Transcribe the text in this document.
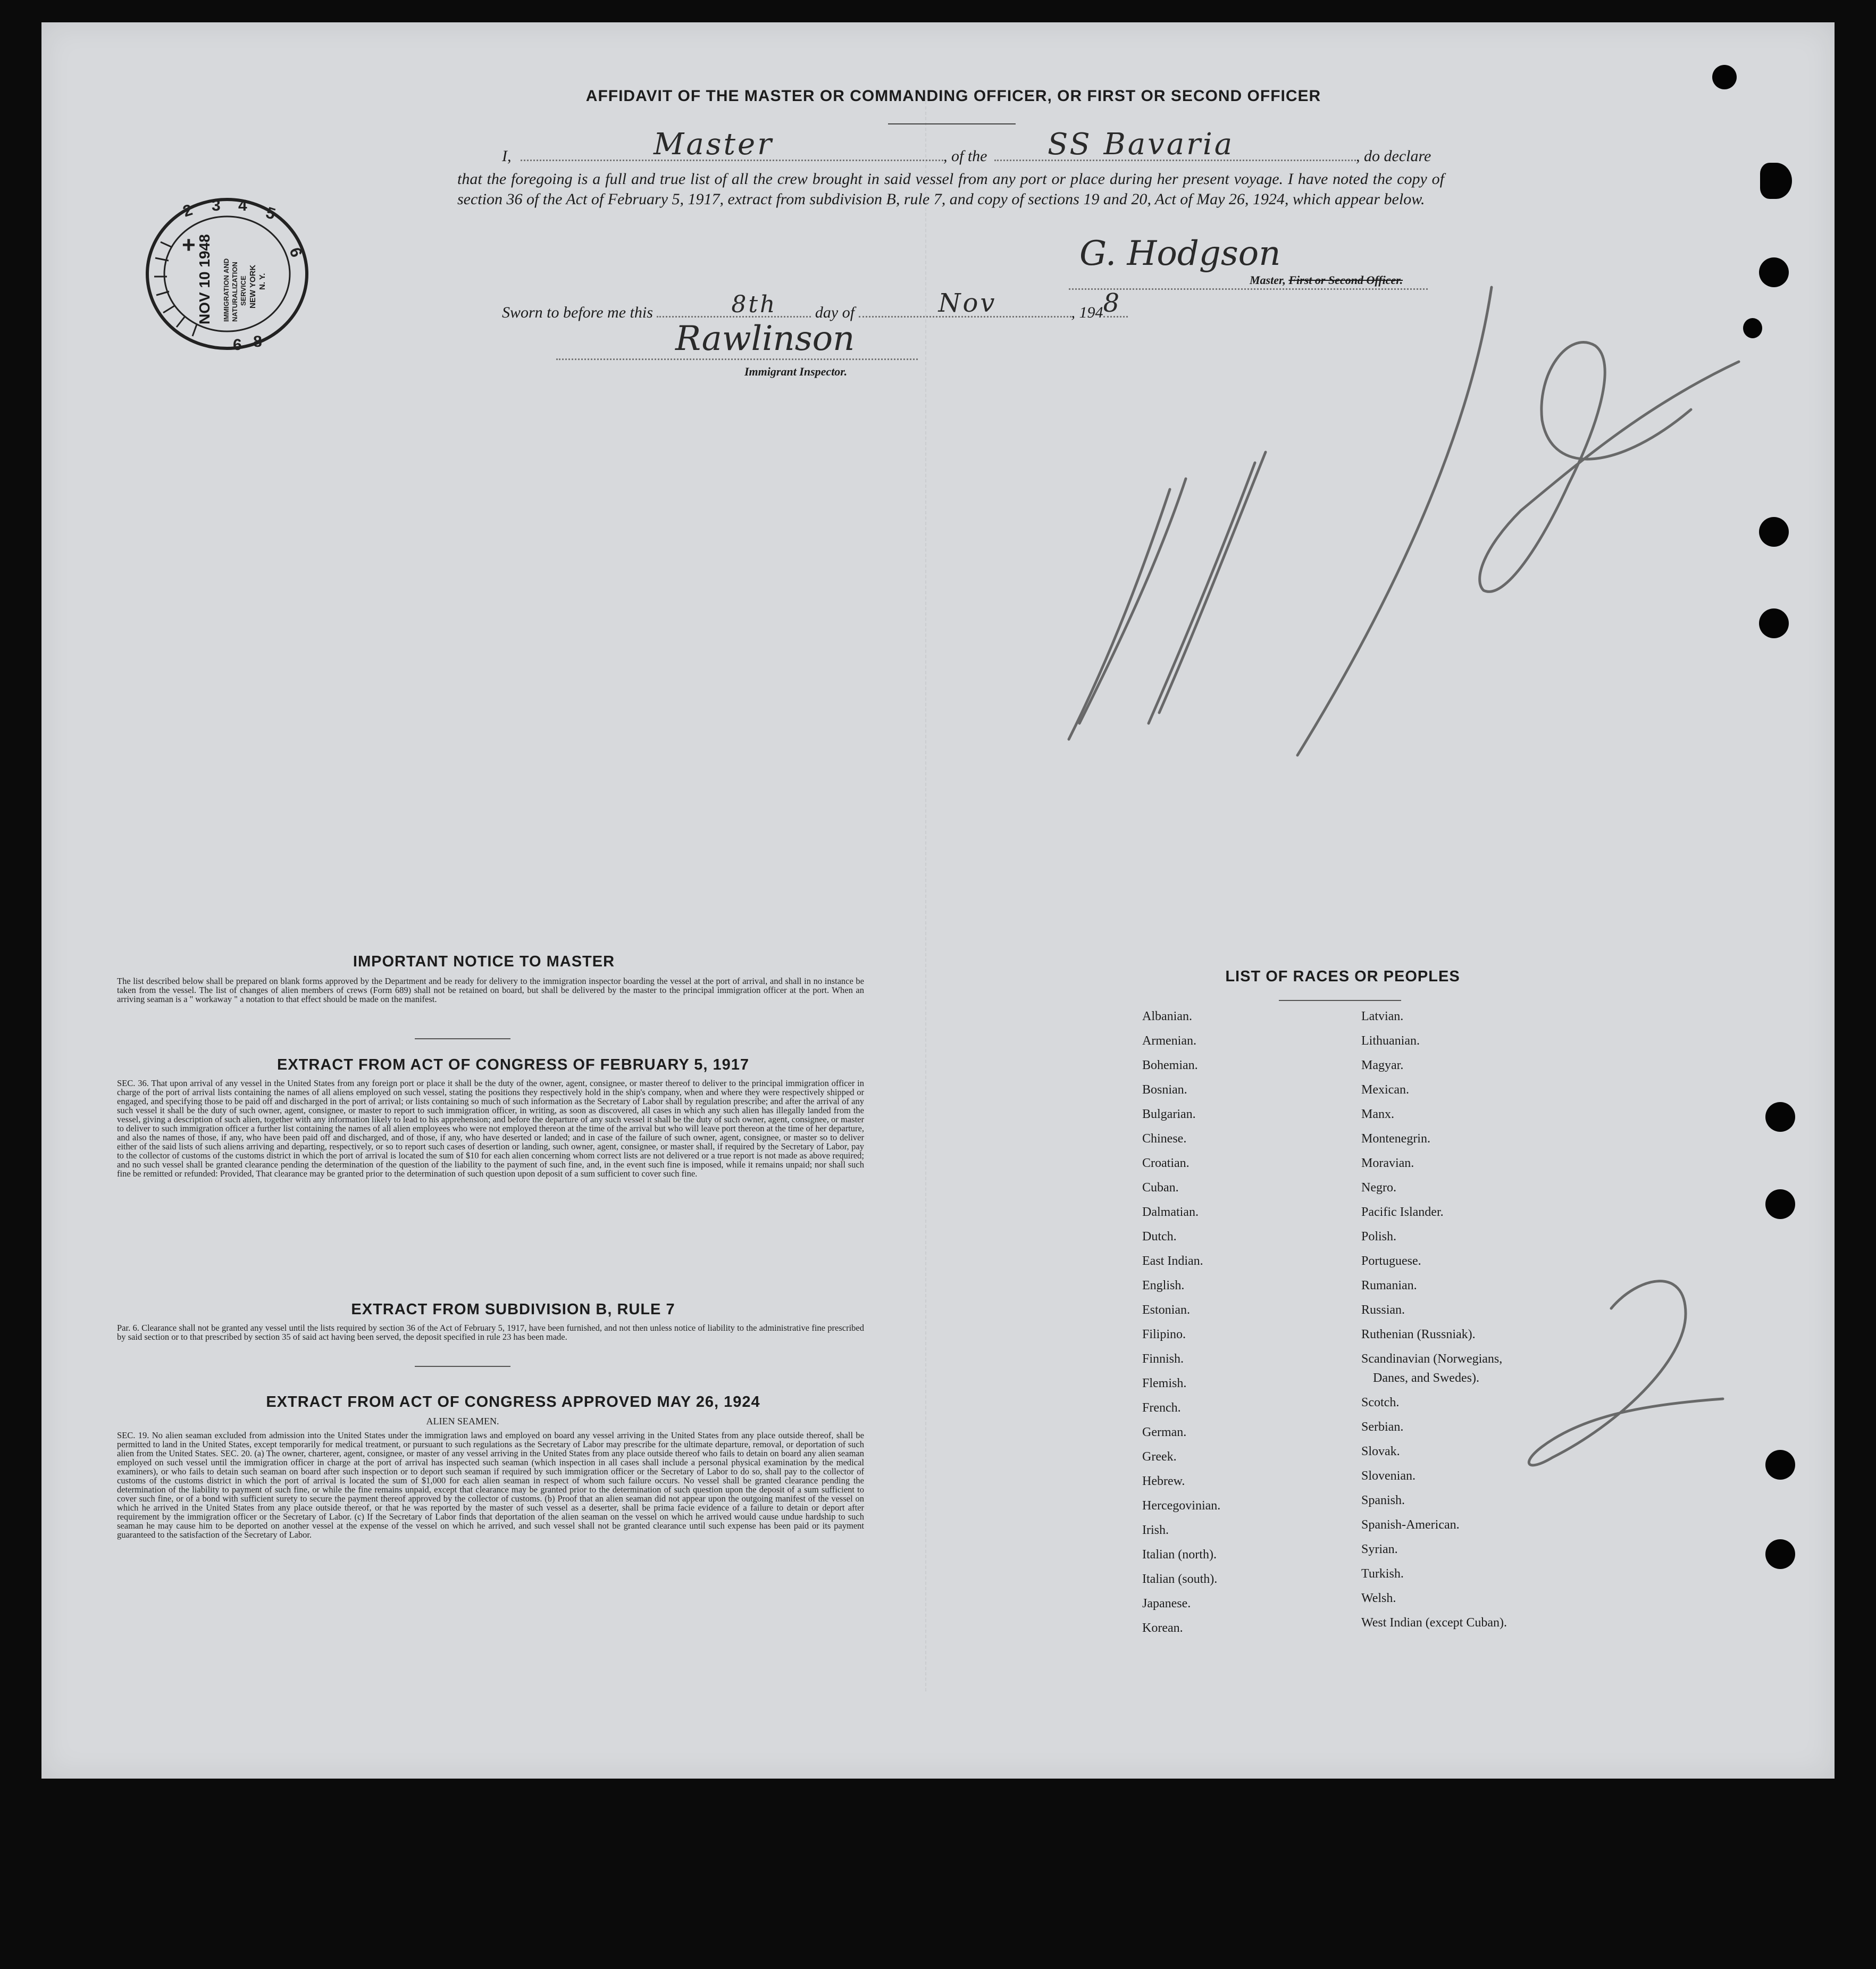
AFFIDAVIT OF THE MASTER OR COMMANDING OFFICER, OR FIRST OR SECOND OFFICER
I,	Master	, of the SS Bavaria	, do declare
that the foregoing is a full and true list of all the crew brought in said vessel from any port or place during her present voyage. I have noted the copy of section 36 of the Act of February 5, 1917, extract from subdivision B, rule 7, and copy of sections 19 and 20, Act of May 26, 1924, which appear below.
G. Hodgson
Master, First or Second Officer.
Sworn to before me this	8th day of	Nov	, 194 8
Rawlinson
Immigrant Inspector.
2 3 4 5
6
6 8
NOV 10 1948 IMMIGRATION AND NATURALIZATION SERVICE NEW YORK N. Y.
+
IMPORTANT NOTICE TO MASTER
The list described below shall be prepared on blank forms approved by the Department and be ready for delivery to the immigration inspector boarding the vessel at the port of arrival, and shall in no instance be taken from the vessel. The list of changes of alien members of crews (Form 689) shall not be retained on board, but shall be delivered by the master to the principal immigration officer at the port. When an arriving seaman is a " workaway " a notation to that effect should be made on the manifest.
EXTRACT FROM ACT OF CONGRESS OF FEBRUARY 5, 1917
SEC. 36. That upon arrival of any vessel in the United States from any foreign port or place it shall be the duty of the owner, agent, consignee, or master thereof to deliver to the principal immigration officer in charge of the port of arrival lists containing the names of all aliens employed on such vessel, stating the positions they respectively hold in the ship's company, when and where they were respectively shipped or engaged, and specifying those to be paid off and discharged in the port of arrival; or lists containing so much of such information as the Secretary of Labor shall by regulation prescribe; and after the arrival of any such vessel it shall be the duty of such owner, agent, consignee, or master to report to such immigration officer, in writing, as soon as discovered, all cases in which any such alien has illegally landed from the vessel, giving a description of such alien, together with any information likely to lead to his apprehension; and before the departure of any such vessel it shall be the duty of such owner, agent, consignee, or master to deliver to such immigration officer a further list containing the names of all alien employees who were not employed thereon at the time of the arrival but who will leave port thereon at the time of her departure, and also the names of those, if any, who have been paid off and discharged, and of those, if any, who have deserted or landed; and in case of the failure of such owner, agent, consignee, or master so to deliver either of the said lists of such aliens arriving and departing, respectively, or so to report such cases of desertion or landing, such owner, agent, consignee, or master shall, if required by the Secretary of Labor, pay to the collector of customs of the customs district in which the port of arrival is located the sum of $10 for each alien concerning whom correct lists are not delivered or a true report is not made as above required; and no such vessel shall be granted clearance pending the determination of the question of the liability to the payment of such fine, and, in the event such fine is imposed, while it remains unpaid; nor shall such fine be remitted or refunded: Provided, That clearance may be granted prior to the determination of such question upon deposit of a sum sufficient to cover such fine.
EXTRACT FROM SUBDIVISION B, RULE 7
Par. 6. Clearance shall not be granted any vessel until the lists required by section 36 of the Act of February 5, 1917, have been furnished, and not then unless notice of liability to the administrative fine prescribed by said section or to that prescribed by section 35 of said act having been served, the deposit specified in rule 23 has been made.
EXTRACT FROM ACT OF CONGRESS APPROVED MAY 26, 1924
ALIEN SEAMEN.
SEC. 19. No alien seaman excluded from admission into the United States under the immigration laws and employed on board any vessel arriving in the United States from any place outside thereof, shall be permitted to land in the United States, except temporarily for medical treatment, or pursuant to such regulations as the Secretary of Labor may prescribe for the ultimate departure, removal, or deportation of such alien from the United States. SEC. 20. (a) The owner, charterer, agent, consignee, or master of any vessel arriving in the United States from any place outside thereof who fails to detain on board any alien seaman employed on such vessel until the immigration officer in charge at the port of arrival has inspected such seaman (which inspection in all cases shall include a personal physical examination by the medical examiners), or who fails to detain such seaman on board after such inspection or to deport such seaman if required by such immigration officer or the Secretary of Labor to do so, shall pay to the collector of customs of the customs district in which the port of arrival is located the sum of $1,000 for each alien seaman in respect of whom such failure occurs. No vessel shall be granted clearance pending the determination of the liability to payment of such fine, or while the fine remains unpaid, except that clearance may be granted prior to the determination of such question upon the deposit of a sum sufficient to cover such fine, or of a bond with sufficient surety to secure the payment thereof approved by the collector of customs. (b) Proof that an alien seaman did not appear upon the outgoing manifest of the vessel on which he arrived in the United States from any place outside thereof, or that he was reported by the master of such vessel as a deserter, shall be prima facie evidence of a failure to detain or deport after requirement by the immigration officer or the Secretary of Labor. (c) If the Secretary of Labor finds that deportation of the alien seaman on the vessel on which he arrived would cause undue hardship to such seaman he may cause him to be deported on another vessel at the expense of the vessel on which he arrived, and such vessel shall not be granted clearance until such expense has been paid or its payment guaranteed to the satisfaction of the Secretary of Labor.
LIST OF RACES OR PEOPLES
Albanian.
Armenian.
Bohemian.
Bosnian.
Bulgarian.
Chinese.
Croatian.
Cuban.
Dalmatian.
Dutch.
East Indian.
English.
Estonian.
Filipino.
Finnish.
Flemish.
French.
German.
Greek.
Hebrew.
Hercegovinian.
Irish.
Italian (north).
Italian (south).
Japanese.
Korean.
Latvian.
Lithuanian.
Magyar.
Mexican.
Manx.
Montenegrin.
Moravian.
Negro.
Pacific Islander.
Polish.
Portuguese.
Rumanian.
Russian.
Ruthenian (Russniak).
Scandinavian (Norwegians,
Danes, and Swedes).
Scotch.
Serbian.
Slovak.
Slovenian.
Spanish.
Spanish-American.
Syrian.
Turkish.
Welsh.
West Indian (except Cuban).
